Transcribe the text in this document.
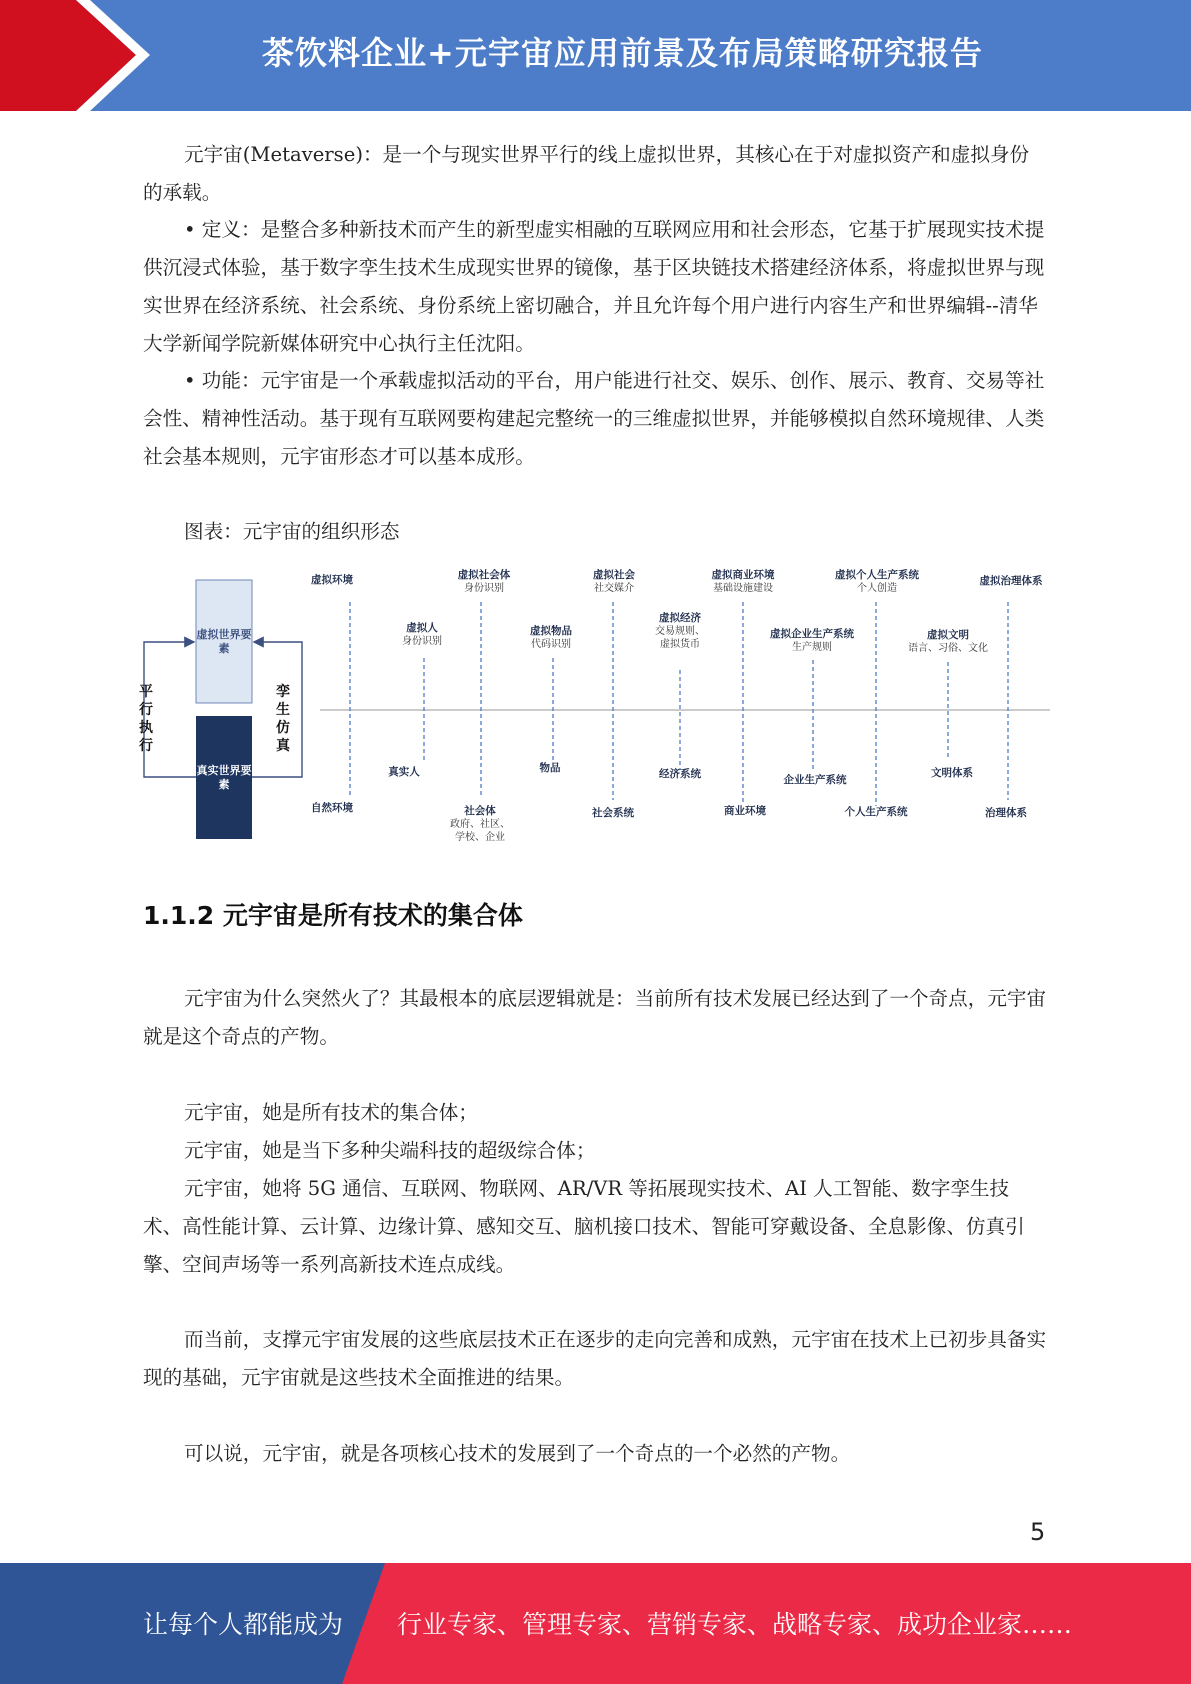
茶饮料企业+元宇宙应用前景及布局策略研究报告

元宇宙(Metaverse)：是一个与现实世界平行的线上虚拟世界，其核心在于对虚拟资产和虚拟身份的承载。

• 定义：是整合多种新技术而产生的新型虚实相融的互联网应用和社会形态，它基于扩展现实技术提供沉浸式体验，基于数字孪生技术生成现实世界的镜像，基于区块链技术搭建经济体系，将虚拟世界与现实世界在经济系统、社会系统、身份系统上密切融合，并且允许每个用户进行内容生产和世界编辑--清华大学新闻学院新媒体研究中心执行主任沈阳。

• 功能：元宇宙是一个承载虚拟活动的平台，用户能进行社交、娱乐、创作、展示、教育、交易等社会性、精神性活动。基于现有互联网要构建起完整统一的三维虚拟世界，并能够模拟自然环境规律、人类社会基本规则，元宇宙形态才可以基本成形。

图表：元宇宙的组织形态
虚拟世界要素
真实世界要素
平行执行
孪生仿真
虚拟环境
虚拟人
身份识别
虚拟社会体
身份识别
虚拟物品
代码识别
虚拟社会
社交媒介
虚拟经济
交易规则、
虚拟货币
虚拟商业环境
基础设施建设
虚拟企业生产系统
生产规则
虚拟个人生产系统
个人创造
虚拟文明
语言、习俗、文化
虚拟治理体系
自然环境
真实人
社会体
政府、社区、
学校、企业
物品
社会系统
经济系统
商业环境
企业生产系统
个人生产系统
文明体系
治理体系
1.1.2 元宇宙是所有技术的集合体

元宇宙为什么突然火了？其最根本的底层逻辑就是：当前所有技术发展已经达到了一个奇点，元宇宙就是这个奇点的产物。

元宇宙，她是所有技术的集合体；

元宇宙，她是当下多种尖端科技的超级综合体；

元宇宙，她将 5G 通信、互联网、物联网、AR/VR 等拓展现实技术、AI 人工智能、数字孪生技术、高性能计算、云计算、边缘计算、感知交互、脑机接口技术、智能可穿戴设备、全息影像、仿真引擎、空间声场等一系列高新技术连点成线。

而当前，支撑元宇宙发展的这些底层技术正在逐步的走向完善和成熟，元宇宙在技术上已初步具备实现的基础，元宇宙就是这些技术全面推进的结果。

可以说，元宇宙，就是各项核心技术的发展到了一个奇点的一个必然的产物。

5
让每个人都能成为 行业专家、管理专家、营销专家、战略专家、成功企业家……
